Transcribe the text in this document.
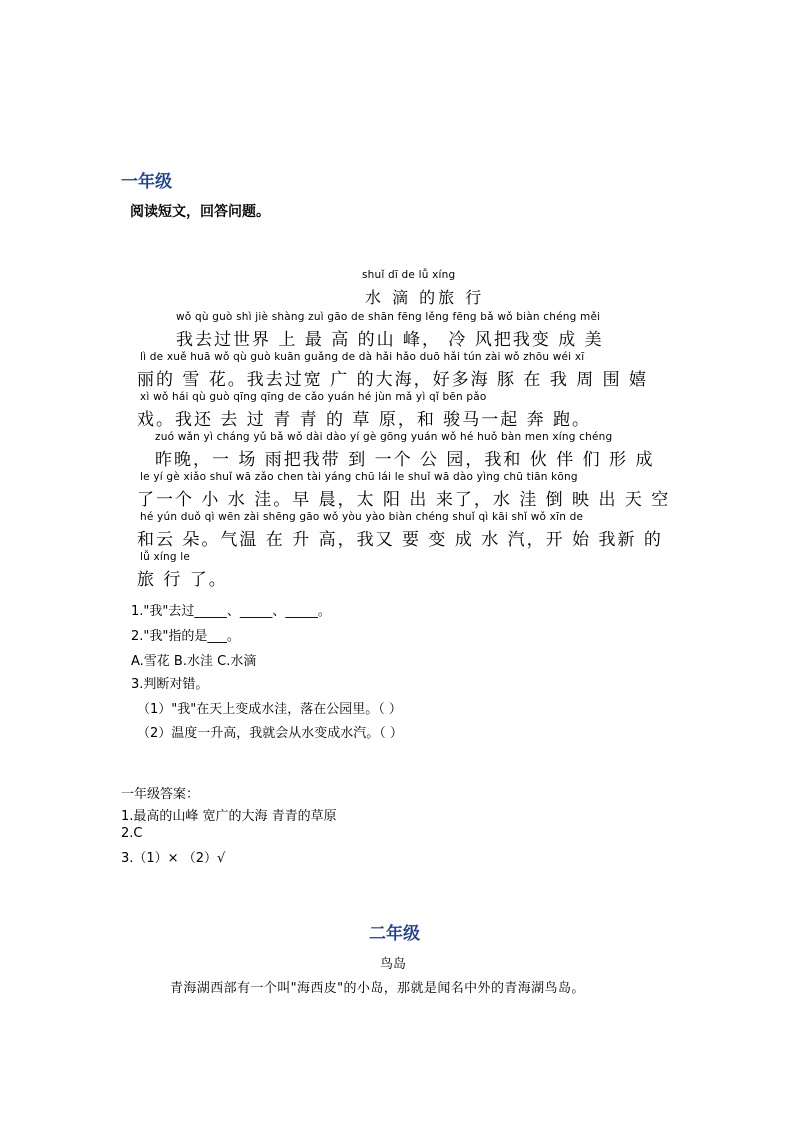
一年级
阅读短文，回答问题。
shuǐ dī de lǚ xíng
水 滴 的旅 行
wǒ qù guò shì jiè shàng zuì gāo de shān fēng lěng fēng bǎ wǒ biàn chéng měi
我去过世界 上 最 高 的山 峰， 冷 风把我变 成 美
lì de xuě huā wǒ qù guò kuān guǎng de dà hǎi hǎo duō hǎi tún zài wǒ zhōu wéi xī
丽的 雪 花。我去过宽 广 的大海，好多海 豚 在 我 周 围 嬉
xì wǒ hái qù guò qīng qīng de cǎo yuán hé jùn mǎ yì qǐ bēn pǎo
戏。我还 去 过 青 青 的 草 原，和 骏马一起 奔 跑。
zuó wǎn yì cháng yǔ bǎ wǒ dài dào yí gè gōng yuán wǒ hé huǒ bàn men xíng chéng
昨晚，一 场 雨把我带 到 一个 公 园，我和 伙 伴 们 形 成
le yí gè xiǎo shuǐ wā zǎo chen tài yáng chū lái le shuǐ wā dào yìng chū tiān kōng
了一个 小 水 洼。早 晨，太 阳 出 来了，水 洼 倒 映 出 天 空
hé yún duǒ qì wēn zài shēng gāo wǒ yòu yào biàn chéng shuǐ qì kāi shǐ wǒ xīn de
和云 朵。气温 在 升 高，我又 要 变 成 水 汽，开 始 我新 的
lǚ xíng le
旅 行 了。
1."我"去过_____、_____、_____。
2."我"指的是___。
A.雪花 B.水洼 C.水滴
3.判断对错。
（1）"我"在天上变成水洼，落在公园里。（ ）
（2）温度一升高，我就会从水变成水汽。（ ）
一年级答案：
1.最高的山峰 宽广的大海 青青的草原
2.C
3.（1）× （2）√
二年级
鸟岛
青海湖西部有一个叫"海西皮"的小岛，那就是闻名中外的青海湖鸟岛。
